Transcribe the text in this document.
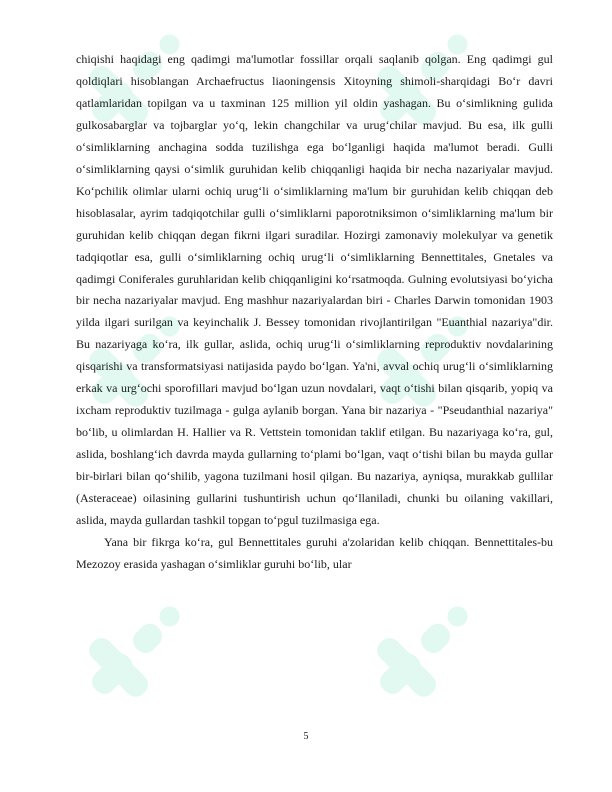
chiqishi haqidagi eng qadimgi ma'lumotlar fossillar orqali saqlanib qolgan. Eng qadimgi gul qoldiqlari hisoblangan Archaefructus liaoningensis Xitoyning shimoli-sharqidagi Bo‘r davri qatlamlaridan topilgan va u taxminan 125 million yil oldin yashagan. Bu o‘simlikning gulida gulkosabarglar va tojbarglar yo‘q, lekin changchilar va urug‘chilar mavjud. Bu esa, ilk gulli o‘simliklarning anchagina sodda tuzilishga ega bo‘lganligi haqida ma'lumot beradi. Gulli o‘simliklarning qaysi o‘simlik guruhidan kelib chiqqanligi haqida bir necha nazariyalar mavjud. Ko‘pchilik olimlar ularni ochiq urug‘li o‘simliklarning ma'lum bir guruhidan kelib chiqqan deb hisoblasalar, ayrim tadqiqotchilar gulli o‘simliklarni paporotniksimon o‘simliklarning ma'lum bir guruhidan kelib chiqqan degan fikrni ilgari suradilar. Hozirgi zamonaviy molekulyar va genetik tadqiqotlar esa, gulli o‘simliklarning ochiq urug‘li o‘simliklarning Bennettitales, Gnetales va qadimgi Coniferales guruhlaridan kelib chiqqanligini ko‘rsatmoqda. Gulning evolutsiyasi bo‘yicha bir necha nazariyalar mavjud. Eng mashhur nazariyalardan biri - Charles Darwin tomonidan 1903 yilda ilgari surilgan va keyinchalik J. Bessey tomonidan rivojlantirilgan "Euanthial nazariya"dir. Bu nazariyaga ko‘ra, ilk gullar, aslida, ochiq urug‘li o‘simliklarning reproduktiv novdalarining qisqarishi va transformatsiyasi natijasida paydo bo‘lgan. Ya'ni, avval ochiq urug‘li o‘simliklarning erkak va urg‘ochi sporofillari mavjud bo‘lgan uzun novdalari, vaqt o‘tishi bilan qisqarib, yopiq va ixcham reproduktiv tuzilmaga - gulga aylanib borgan. Yana bir nazariya - "Pseudanthial nazariya" bo‘lib, u olimlardan H. Hallier va R. Vettstein tomonidan taklif etilgan. Bu nazariyaga ko‘ra, gul, aslida, boshlang‘ich davrda mayda gullarning to‘plami bo‘lgan, vaqt o‘tishi bilan bu mayda gullar bir-birlari bilan qo‘shilib, yagona tuzilmani hosil qilgan. Bu nazariya, ayniqsa, murakkab gullilar (Asteraceae) oilasining gullarini tushuntirish uchun qo‘llaniladi, chunki bu oilaning vakillari, aslida, mayda gullardan tashkil topgan to‘pgul tuzilmasiga ega.

Yana bir fikrga ko‘ra, gul Bennettitales guruhi a'zolaridan kelib chiqqan. Bennettitales-bu Mezozoy erasida yashagan o‘simliklar guruhi bo‘lib, ular

5
